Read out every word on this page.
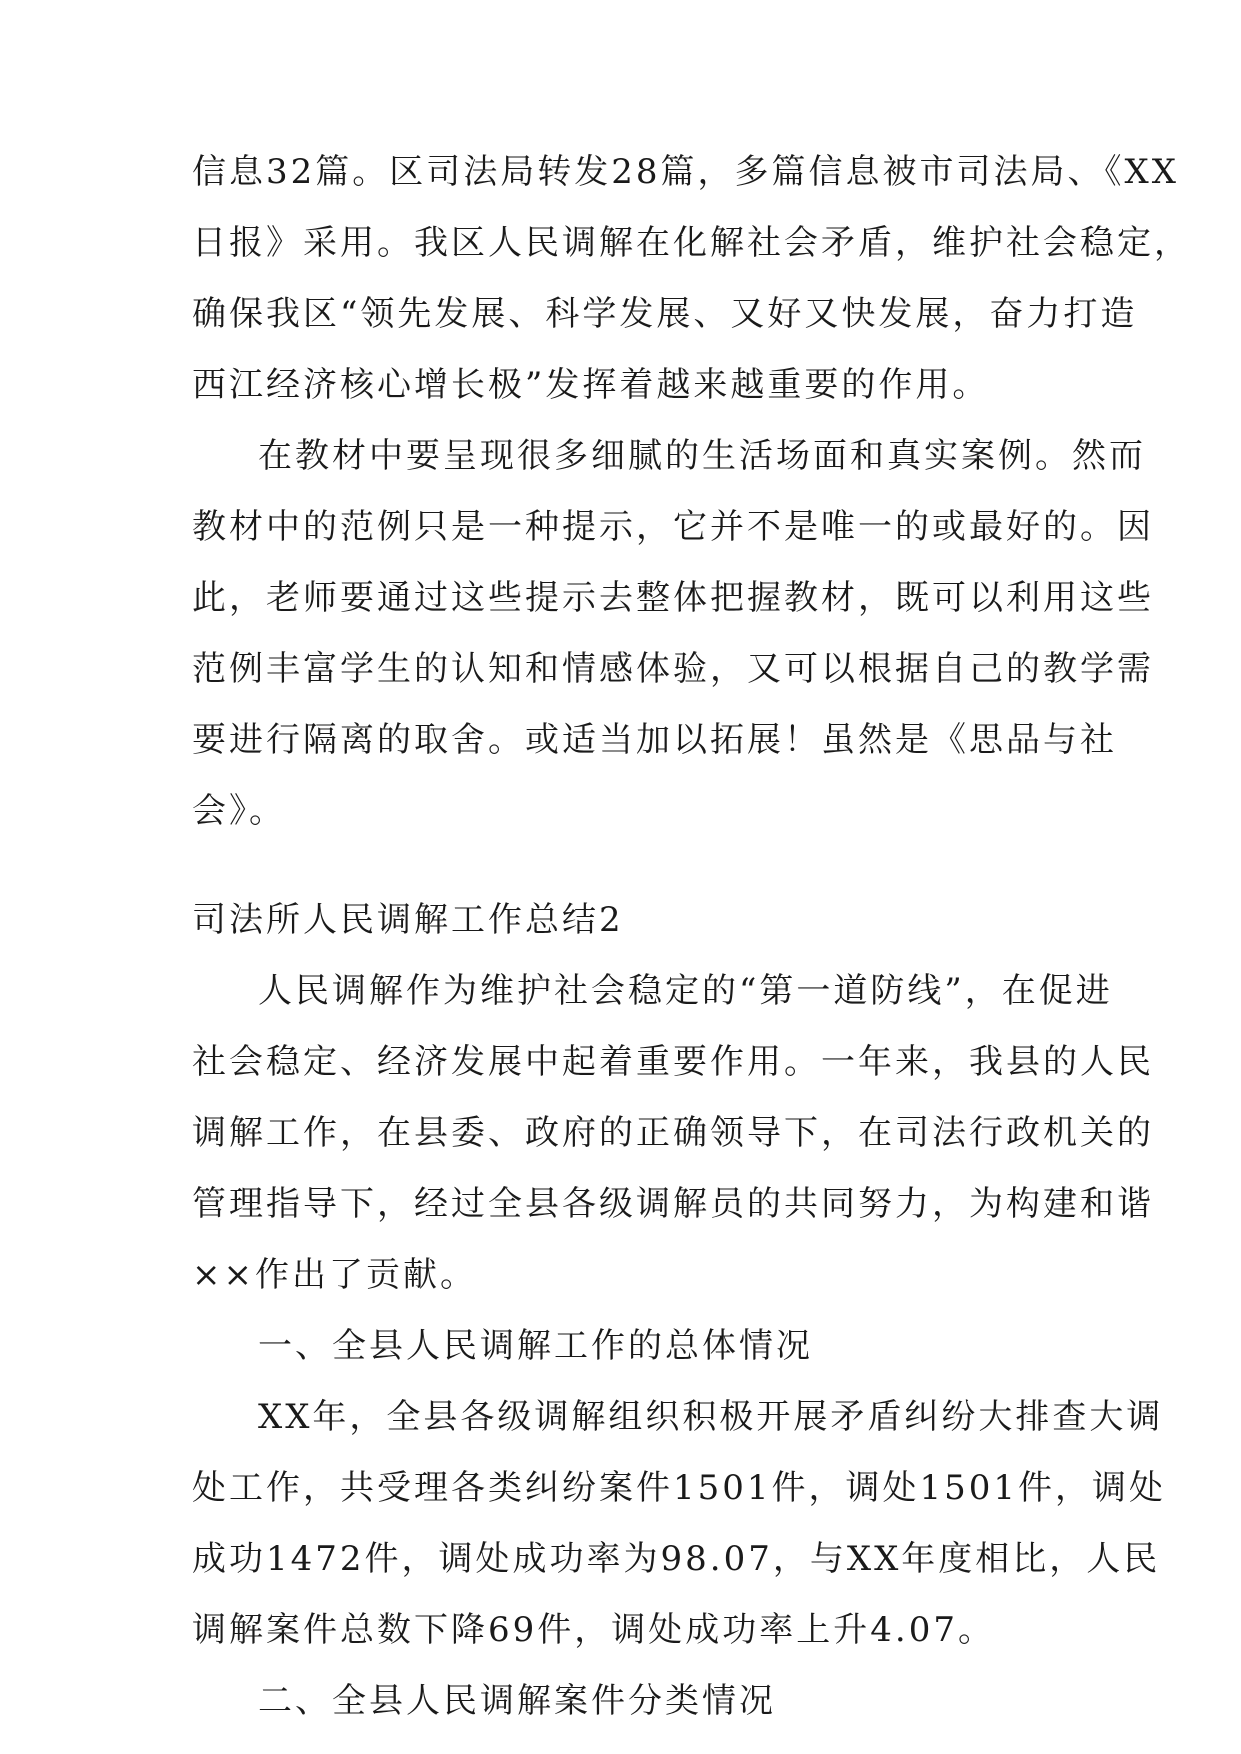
信息32篇。区司法局转发28篇，多篇信息被市司法局、《XX
日报》采用。我区人民调解在化解社会矛盾，维护社会稳定，
确保我区“领先发展、科学发展、又好又快发展，奋力打造
西江经济核心增长极”发挥着越来越重要的作用。
在教材中要呈现很多细腻的生活场面和真实案例。然而
教材中的范例只是一种提示，它并不是唯一的或最好的。因
此，老师要通过这些提示去整体把握教材，既可以利用这些
范例丰富学生的认知和情感体验，又可以根据自己的教学需
要进行隔离的取舍。或适当加以拓展！虽然是《思品与社
会》。
司法所人民调解工作总结2
人民调解作为维护社会稳定的“第一道防线”，在促进
社会稳定、经济发展中起着重要作用。一年来，我县的人民
调解工作，在县委、政府的正确领导下，在司法行政机关的
管理指导下，经过全县各级调解员的共同努力，为构建和谐
××作出了贡献。
一、全县人民调解工作的总体情况
XX年，全县各级调解组织积极开展矛盾纠纷大排查大调
处工作，共受理各类纠纷案件1501件，调处1501件，调处
成功1472件，调处成功率为98.07，与XX年度相比，人民
调解案件总数下降69件，调处成功率上升4.07。
二、全县人民调解案件分类情况
